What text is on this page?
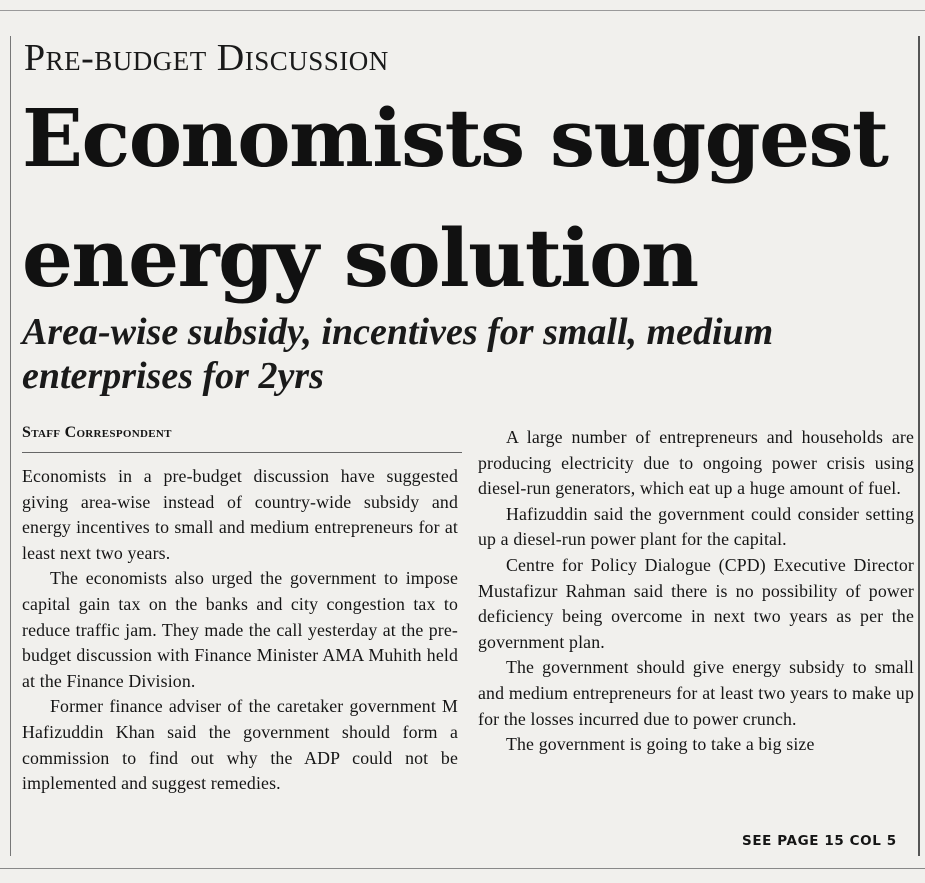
Pre-budget Discussion
Economists suggest energy solution
Area-wise subsidy, incentives for small, medium enterprises for 2yrs
Staff Correspondent

Economists in a pre-budget discussion have suggested giving area-wise instead of country-wide subsidy and energy incentives to small and medium entrepreneurs for at least next two years.

The economists also urged the government to impose capital gain tax on the banks and city congestion tax to reduce traffic jam. They made the call yesterday at the pre-budget discussion with Finance Minister AMA Muhith held at the Finance Division.

Former finance adviser of the caretaker government M Hafizuddin Khan said the government should form a commission to find out why the ADP could not be implemented and suggest remedies.

A large number of entrepreneurs and households are producing electricity due to ongoing power crisis using diesel-run generators, which eat up a huge amount of fuel.

Hafizuddin said the government could consider setting up a diesel-run power plant for the capital.

Centre for Policy Dialogue (CPD) Executive Director Mustafizur Rahman said there is no possibility of power deficiency being overcome in next two years as per the government plan.

The government should give energy subsidy to small and medium entrepreneurs for at least two years to make up for the losses incurred due to power crunch.

The government is going to take a big size

SEE PAGE 15 COL 5
